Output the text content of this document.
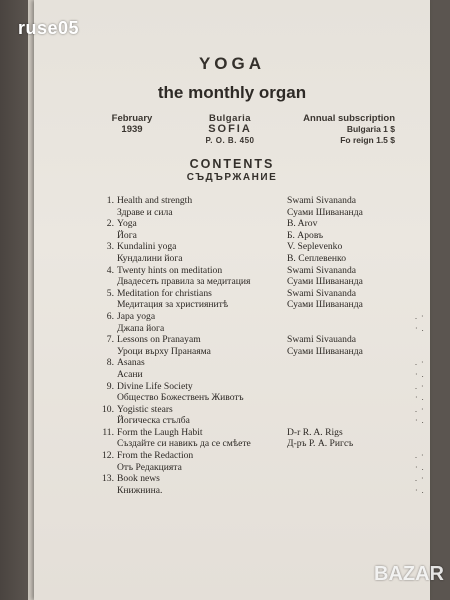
ruse05
YOGA
the monthly organ
February
1939
Bulgaria
SOFIA
P. O. B. 450
Annual subscription
Bulgaria 1 $
Fo reign 1.5 $
CONTENTS
СЪДЪРЖАНИЕ
1. Health and strength	Swami Sivananda
Здраве и сила	Суами Шивананда
2. Yoga	B. Arov
Йога	Б. Аровъ
3. Kundalini yoga	V. Seplevenko
Кундалини йога	В. Сеплевенко
4. Twenty hints on meditation	Swami Sivananda
Двадесеть правила за медитация	Суами Шивананда
5. Meditation for christians	Swami Sivananda
Медитация за християнитѣ	Суами Шивананда
6. Japa yoga	. ·
Джапа йога	· .
7. Lessons on Pranayam	Swami Sivauanda
Уроци върху Пранаяма	Суами Шивананда
8. Asanas	. ·
Асани	· .
9. Divine Life Society	. ·
Общество Божественъ Животъ	· .
10. Yogistic stears	. ·
Йогическа стълба	· .
11. Form the Laugh Habit	D-r R. A. Rigs
Създайте си навикъ да се смѣете	Д-ръ Р. А. Ригсъ
12. From the Redaction	. ·
Отъ Редакцията	· .
13. Book news	. ·
Книжнина.	· .
BAZAR
